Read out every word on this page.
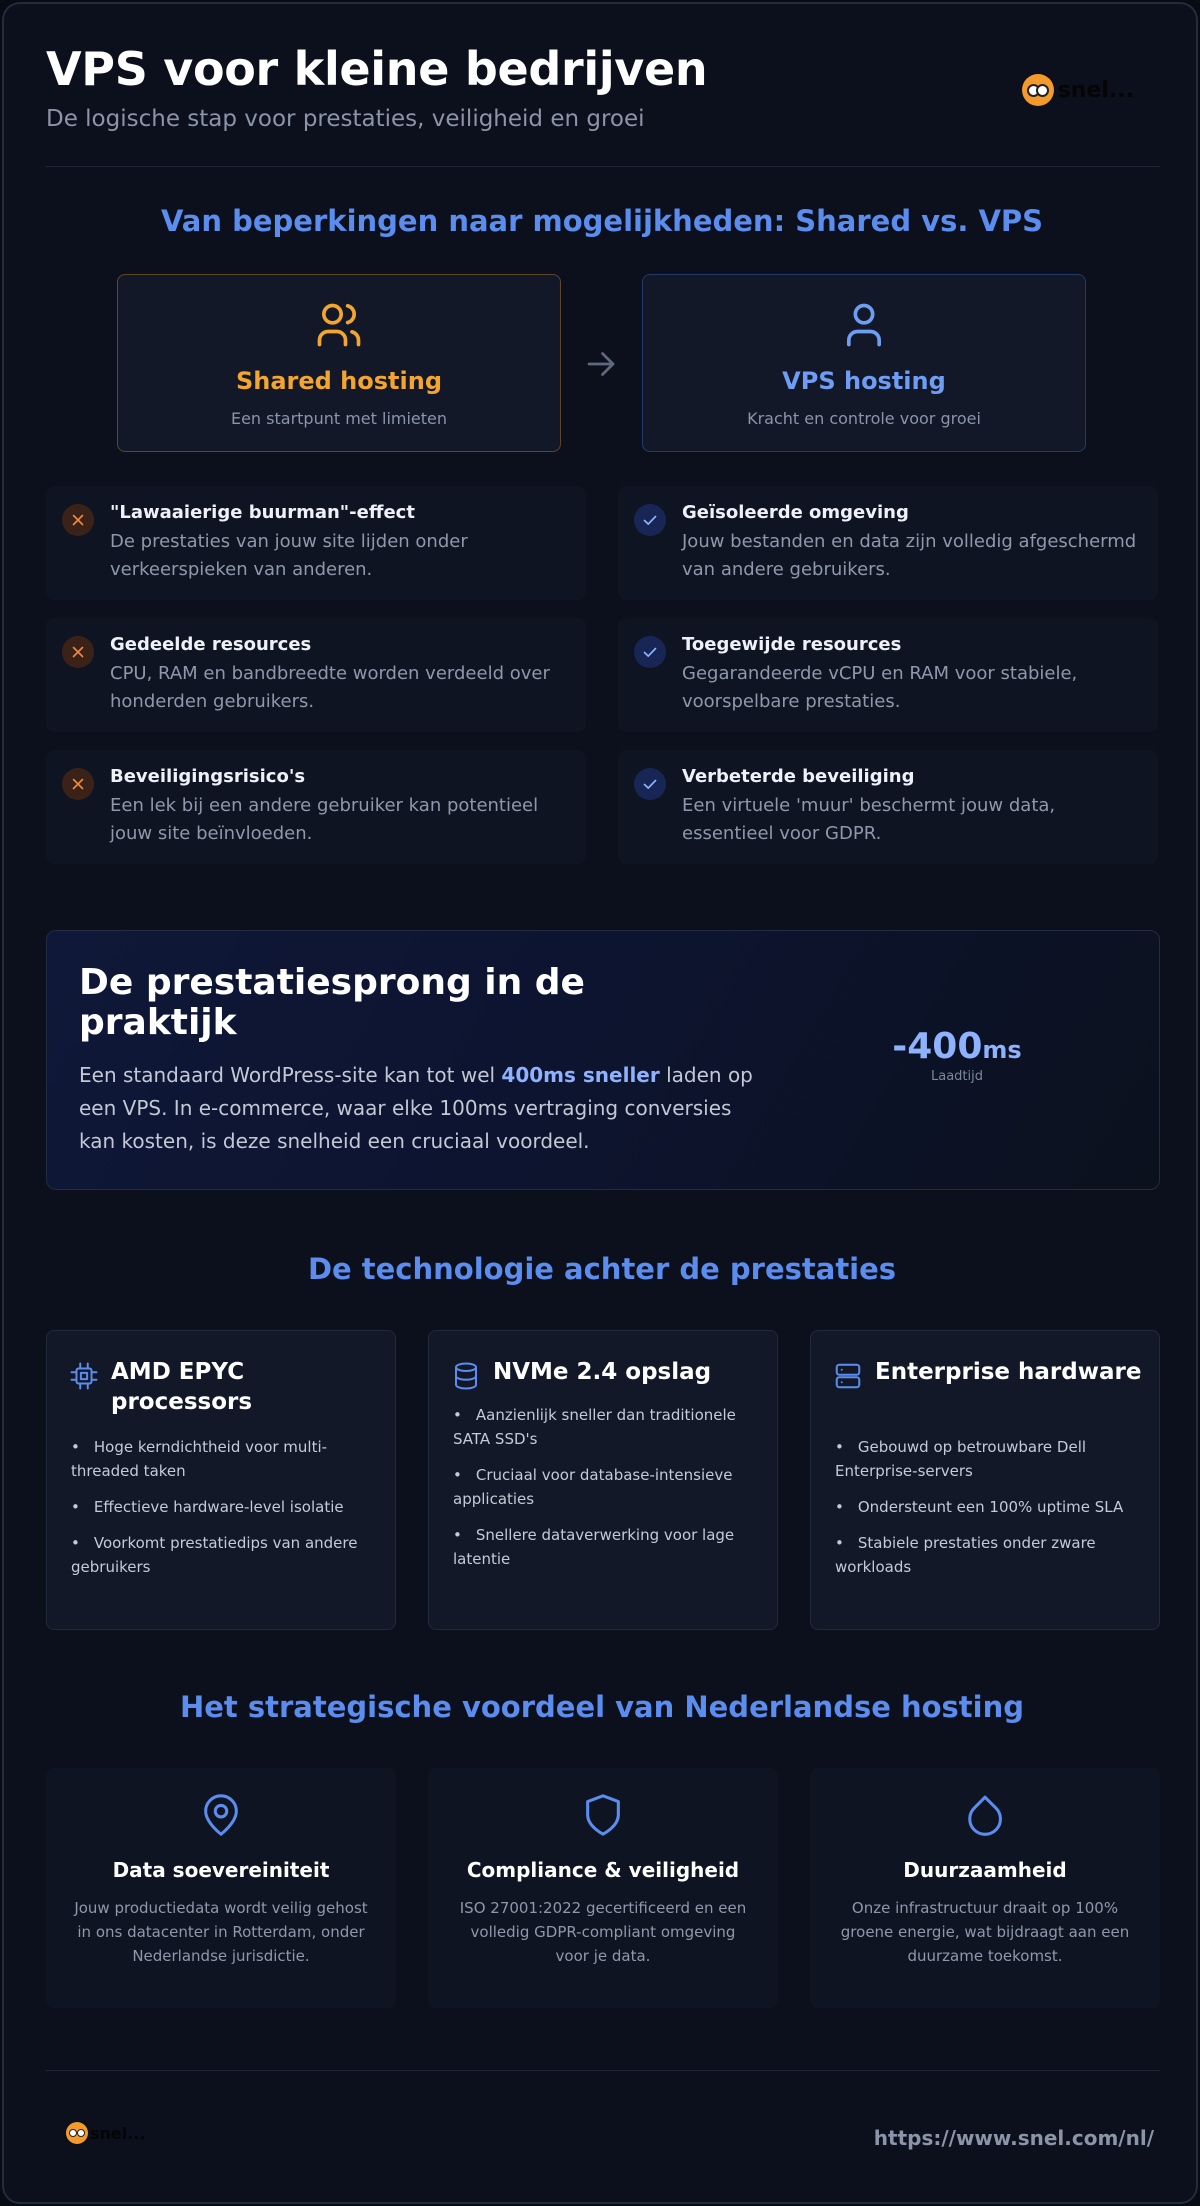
VPS voor kleine bedrijven
De logische stap voor prestaties, veiligheid en groei
snel...
Van beperkingen naar mogelijkheden: Shared vs. VPS
Shared hosting
Een startpunt met limieten
VPS hosting
Kracht en controle voor groei
"Lawaaierige buurman"-effect
De prestaties van jouw site lijden onder verkeerspieken van anderen.
Gedeelde resources
CPU, RAM en bandbreedte worden verdeeld over honderden gebruikers.
Beveiligingsrisico's
Een lek bij een andere gebruiker kan potentieel jouw site beïnvloeden.
Geïsoleerde omgeving
Jouw bestanden en data zijn volledig afgeschermd van andere gebruikers.
Toegewijde resources
Gegarandeerde vCPU en RAM voor stabiele, voorspelbare prestaties.
Verbeterde beveiliging
Een virtuele 'muur' beschermt jouw data, essentieel voor GDPR.
De prestatiesprong in de praktijk

Een standaard WordPress-site kan tot wel 400ms sneller laden op een VPS. In e-commerce, waar elke 100ms vertraging conversies kan kosten, is deze snelheid een cruciaal voordeel.

-400ms
Laadtijd
De technologie achter de prestaties
AMD EPYC processors
• Hoge kerndichtheid voor multi-threaded taken
• Effectieve hardware-level isolatie
• Voorkomt prestatiedips van andere gebruikers
NVMe 2.4 opslag
• Aanzienlijk sneller dan traditionele SATA SSD's
• Cruciaal voor database-intensieve applicaties
• Snellere dataverwerking voor lage latentie
Enterprise hardware
• Gebouwd op betrouwbare Dell Enterprise-servers
• Ondersteunt een 100% uptime SLA
• Stabiele prestaties onder zware workloads
Het strategische voordeel van Nederlandse hosting
Data soevereiniteit
Jouw productiedata wordt veilig gehost in ons datacenter in Rotterdam, onder Nederlandse jurisdictie.
Compliance & veiligheid
ISO 27001:2022 gecertificeerd en een volledig GDPR-compliant omgeving voor je data.
Duurzaamheid
Onze infrastructuur draait op 100% groene energie, wat bijdraagt aan een duurzame toekomst.
snel...	https://www.snel.com/nl/
